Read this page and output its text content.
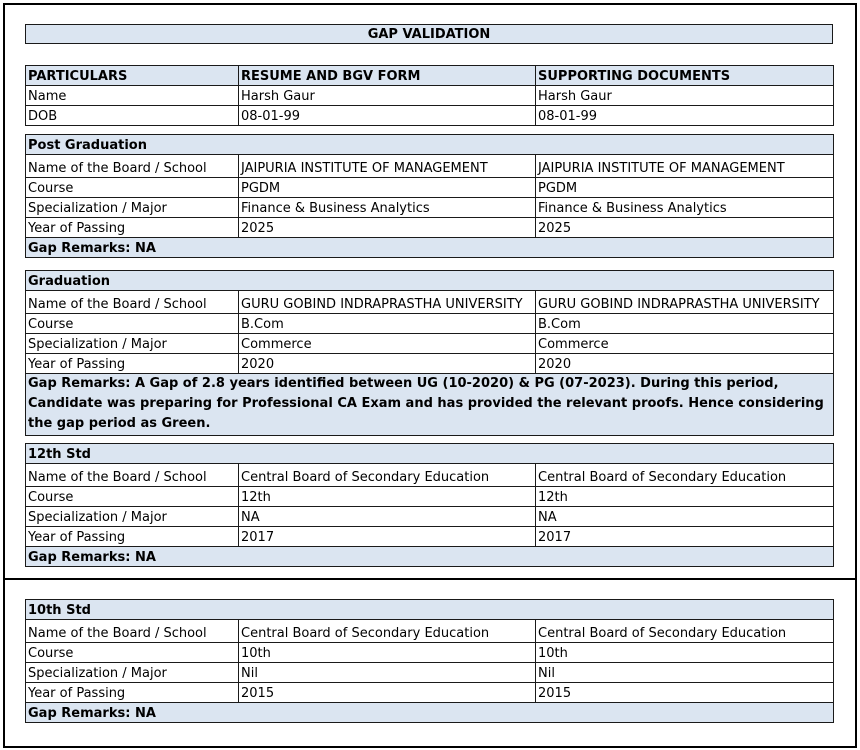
GAP VALIDATION
PARTICULARS	RESUME AND BGV FORM	SUPPORTING DOCUMENTS
Name	Harsh Gaur	Harsh Gaur
DOB	08-01-99	08-01-99
Post Graduation		
Name of the Board / School	JAIPURIA INSTITUTE OF MANAGEMENT	JAIPURIA INSTITUTE OF MANAGEMENT
Course	PGDM	PGDM
Specialization / Major	Finance & Business Analytics	Finance & Business Analytics
Year of Passing	2025	2025
Gap Remarks: NA		
Graduation		
Name of the Board / School	GURU GOBIND INDRAPRASTHA UNIVERSITY	GURU GOBIND INDRAPRASTHA UNIVERSITY
Course	B.Com	B.Com
Specialization / Major	Commerce	Commerce
Year of Passing	2020	2020
Gap Remarks: A Gap of 2.8 years identified between UG (10-2020) & PG (07-2023). During this period, Candidate was preparing for Professional CA Exam and has provided the relevant proofs. Hence considering the gap period as Green.		
12th Std		
Name of the Board / School	Central Board of Secondary Education	Central Board of Secondary Education
Course	12th	12th
Specialization / Major	NA	NA
Year of Passing	2017	2017
Gap Remarks: NA		
10th Std		
Name of the Board / School	Central Board of Secondary Education	Central Board of Secondary Education
Course	10th	10th
Specialization / Major	Nil	Nil
Year of Passing	2015	2015
Gap Remarks: NA		
